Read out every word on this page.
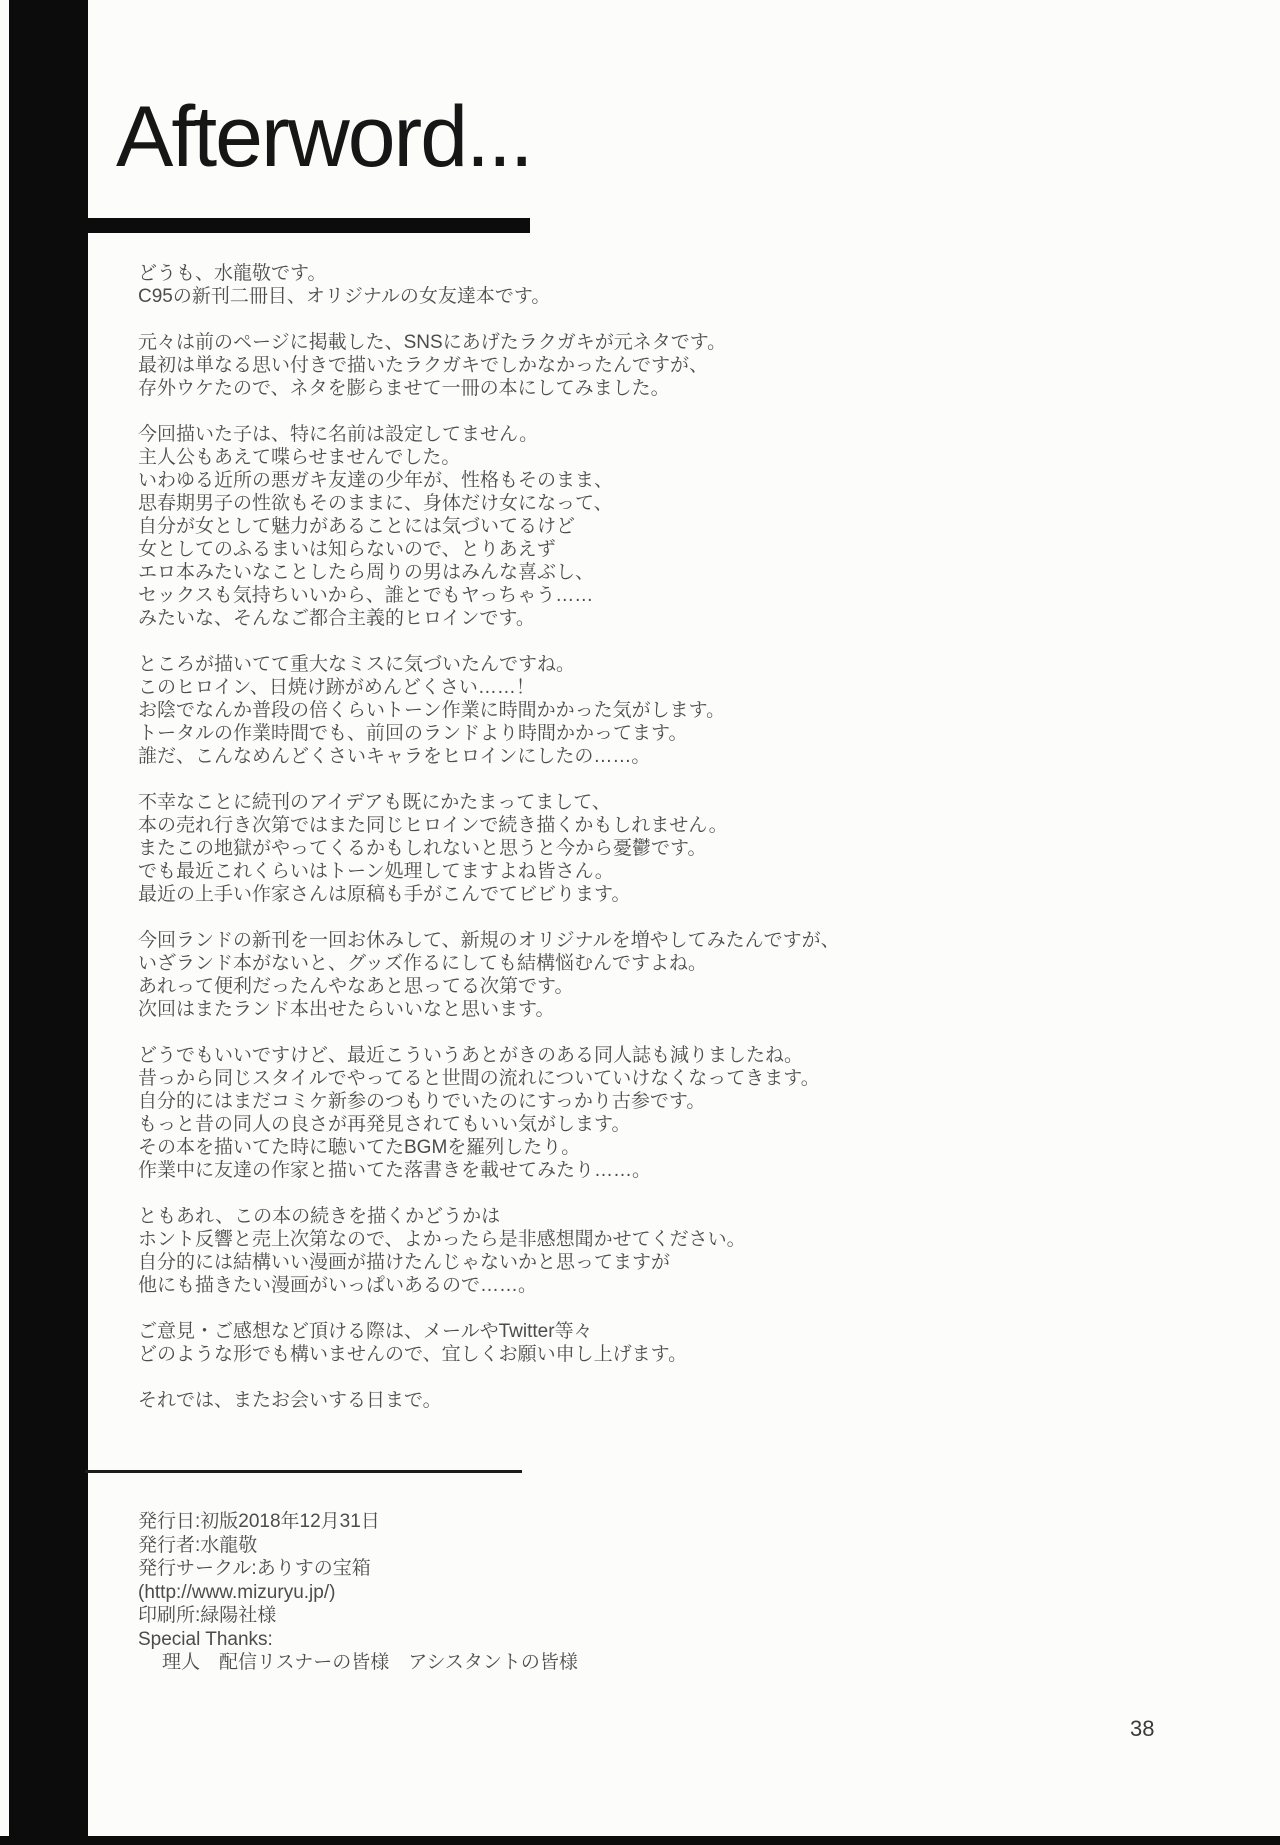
Afterword...

どうも、水龍敬です。
C95の新刊二冊目、オリジナルの女友達本です。

元々は前のページに掲載した、SNSにあげたラクガキが元ネタです。
最初は単なる思い付きで描いたラクガキでしかなかったんですが、
存外ウケたので、ネタを膨らませて一冊の本にしてみました。

今回描いた子は、特に名前は設定してません。
主人公もあえて喋らせませんでした。
いわゆる近所の悪ガキ友達の少年が、性格もそのまま、
思春期男子の性欲もそのままに、身体だけ女になって、
自分が女として魅力があることには気づいてるけど
女としてのふるまいは知らないので、とりあえず
エロ本みたいなことしたら周りの男はみんな喜ぶし、
セックスも気持ちいいから、誰とでもヤっちゃう……
みたいな、そんなご都合主義的ヒロインです。

ところが描いてて重大なミスに気づいたんですね。
このヒロイン、日焼け跡がめんどくさい……！
お陰でなんか普段の倍くらいトーン作業に時間かかった気がします。
トータルの作業時間でも、前回のランドより時間かかってます。
誰だ、こんなめんどくさいキャラをヒロインにしたの……。

不幸なことに続刊のアイデアも既にかたまってまして、
本の売れ行き次第ではまた同じヒロインで続き描くかもしれません。
またこの地獄がやってくるかもしれないと思うと今から憂鬱です。
でも最近これくらいはトーン処理してますよね皆さん。
最近の上手い作家さんは原稿も手がこんでてビビります。

今回ランドの新刊を一回お休みして、新規のオリジナルを増やしてみたんですが、
いざランド本がないと、グッズ作るにしても結構悩むんですよね。
あれって便利だったんやなあと思ってる次第です。
次回はまたランド本出せたらいいなと思います。

どうでもいいですけど、最近こういうあとがきのある同人誌も減りましたね。
昔っから同じスタイルでやってると世間の流れについていけなくなってきます。
自分的にはまだコミケ新参のつもりでいたのにすっかり古参です。
もっと昔の同人の良さが再発見されてもいい気がします。
その本を描いてた時に聴いてたBGMを羅列したり。
作業中に友達の作家と描いてた落書きを載せてみたり……。

ともあれ、この本の続きを描くかどうかは
ホント反響と売上次第なので、よかったら是非感想聞かせてください。
自分的には結構いい漫画が描けたんじゃないかと思ってますが
他にも描きたい漫画がいっぱいあるので……。

ご意見・ご感想など頂ける際は、メールやTwitter等々
どのような形でも構いませんので、宜しくお願い申し上げます。

それでは、またお会いする日まで。

発行日:初版2018年12月31日
発行者:水龍敬
発行サークル:ありすの宝箱
(http://www.mizuryu.jp/)
印刷所:緑陽社様
Special Thanks:
理人　配信リスナーの皆様　アシスタントの皆様
38
